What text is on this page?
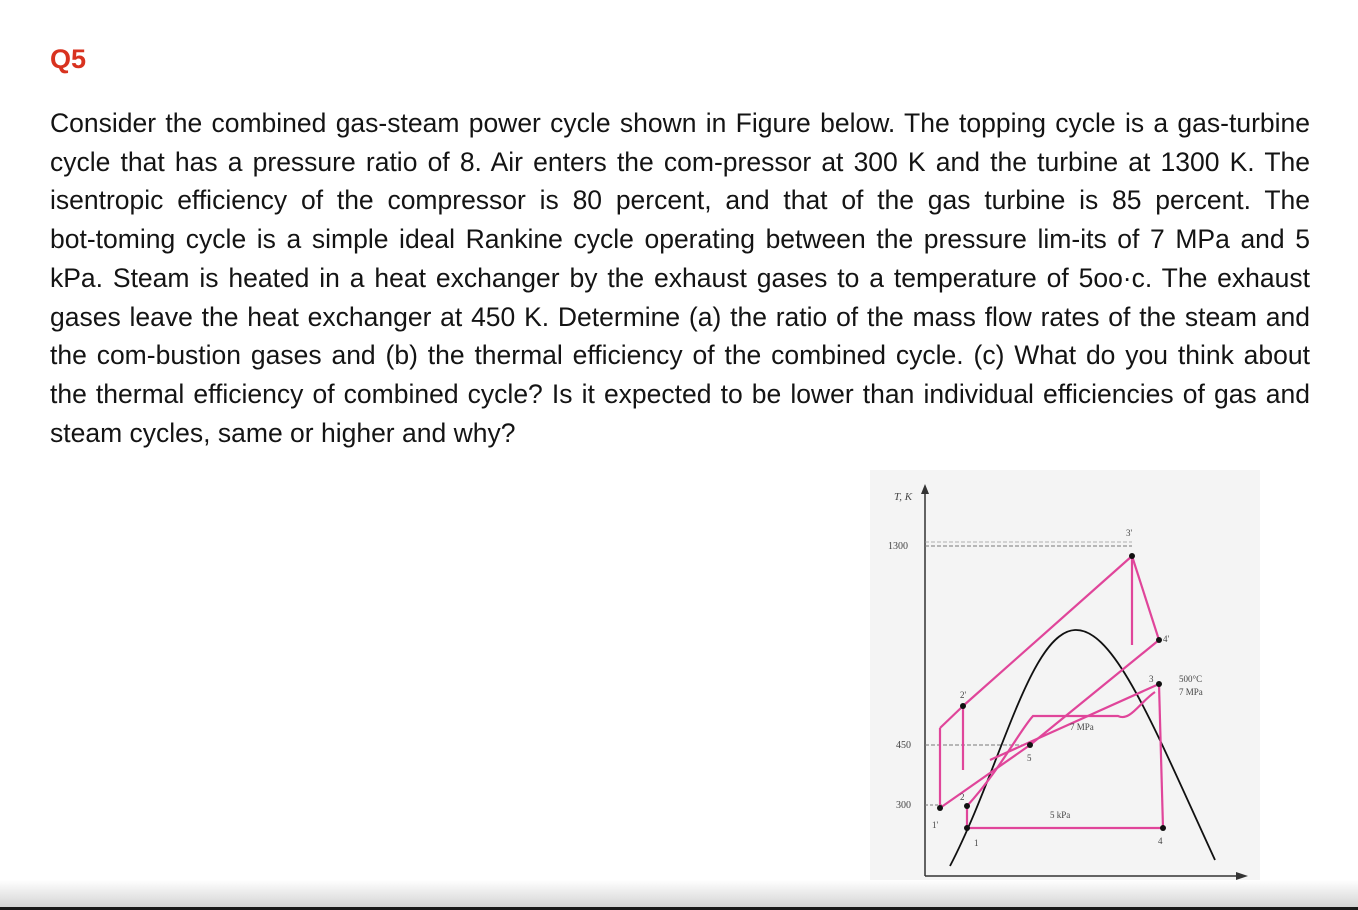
Q5
Consider the combined gas-steam power cycle shown in Figure below. The topping cycle is a gas-turbine
cycle that has a pressure ratio of 8. Air enters the com-pressor at 300 K and the turbine at 1300 K. The
isentropic efficiency of the compressor is 80 percent, and that of the gas turbine is 85 percent. The
bot-toming cycle is a simple ideal Rankine cycle operating between the pressure lim-its of 7 MPa and 5
kPa. Steam is heated in a heat exchanger by the exhaust gases to a temperature of 5oo·c. The exhaust
gases leave the heat exchanger at 450 K. Determine (a) the ratio of the mass flow rates of the steam and
the com-bustion gases and (b) the thermal efficiency of the combined cycle. (c) What do you think about
the thermal efficiency of combined cycle? Is it expected to be lower than individual efficiencies of gas and
steam cycles, same or higher and why?
T, K
1300
450
300
3'
4'
2'
1'
3
2
1	4
5
500°C
7 MPa
7 MPa
5 kPa
